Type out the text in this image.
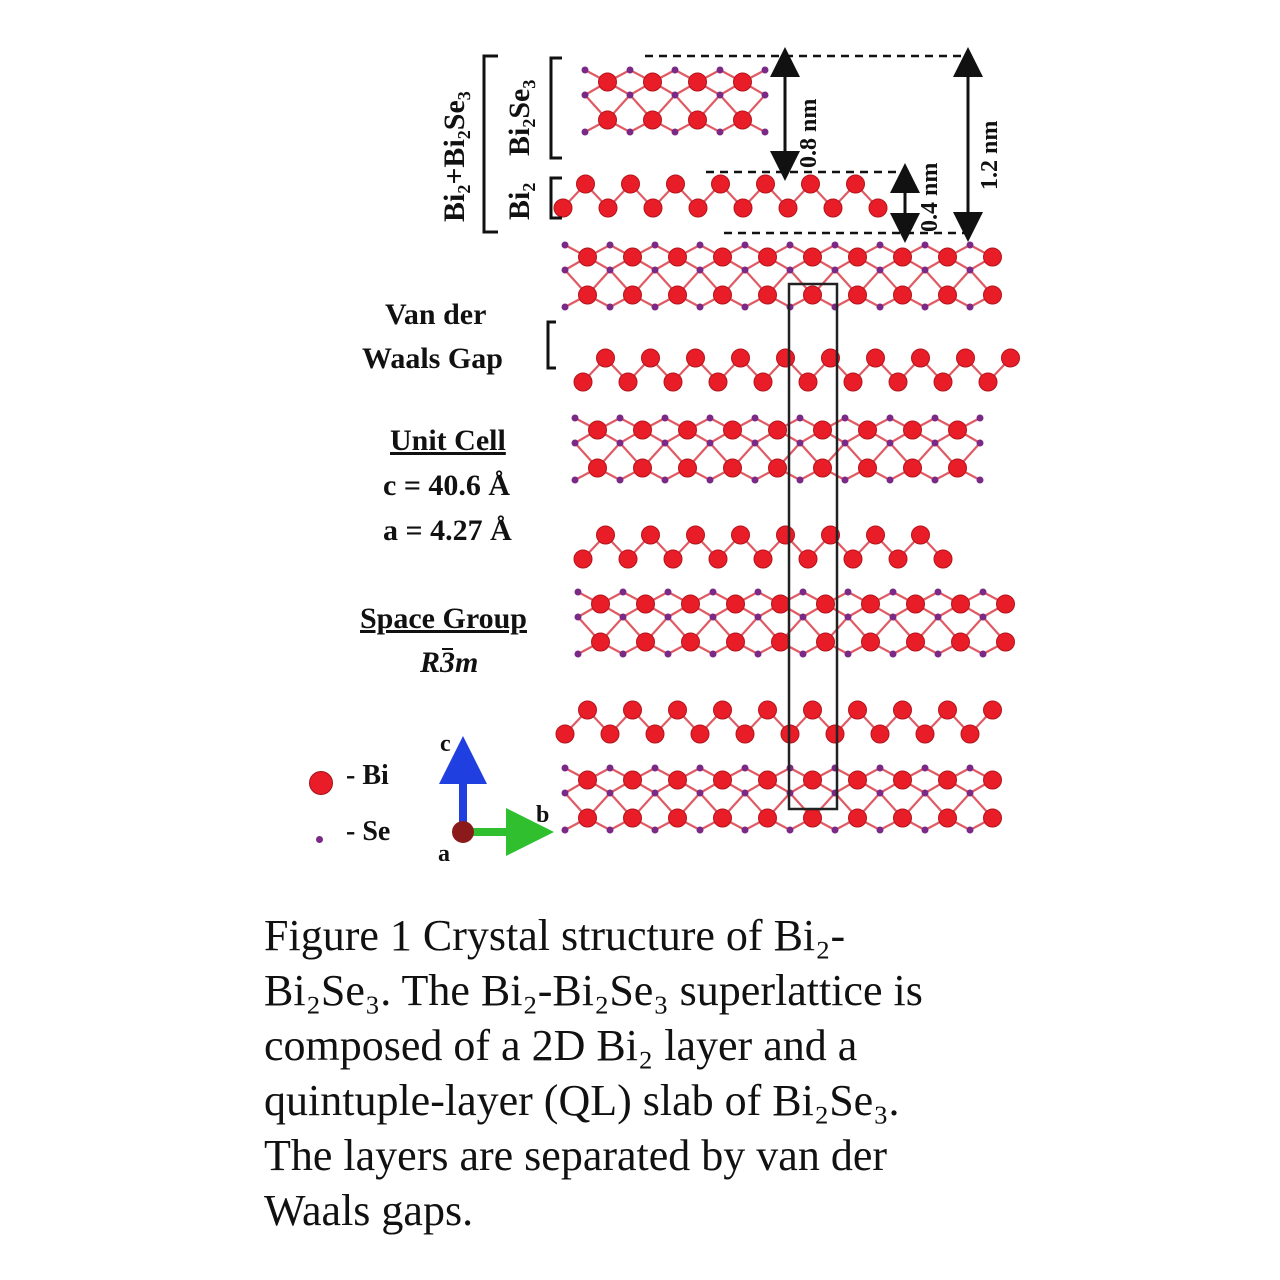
Bi₂+Bi₂Se₃ Bi₂Se₃
Bi₂
0.8 nm
0.4 nm
1.2 nm
Van der
Waals Gap
Unit Cell
c = 40.6 Å
a = 4.27 Å
Space Group
R3m
- Bi
- Se
c
b
a
Figure 1 Crystal structure of Bi₂-
Bi₂Se₃. The Bi₂-Bi₂Se₃ superlattice is
composed of a 2D Bi₂ layer and a
quintuple-layer (QL) slab of Bi₂Se₃.
The layers are separated by van der
Waals gaps.
